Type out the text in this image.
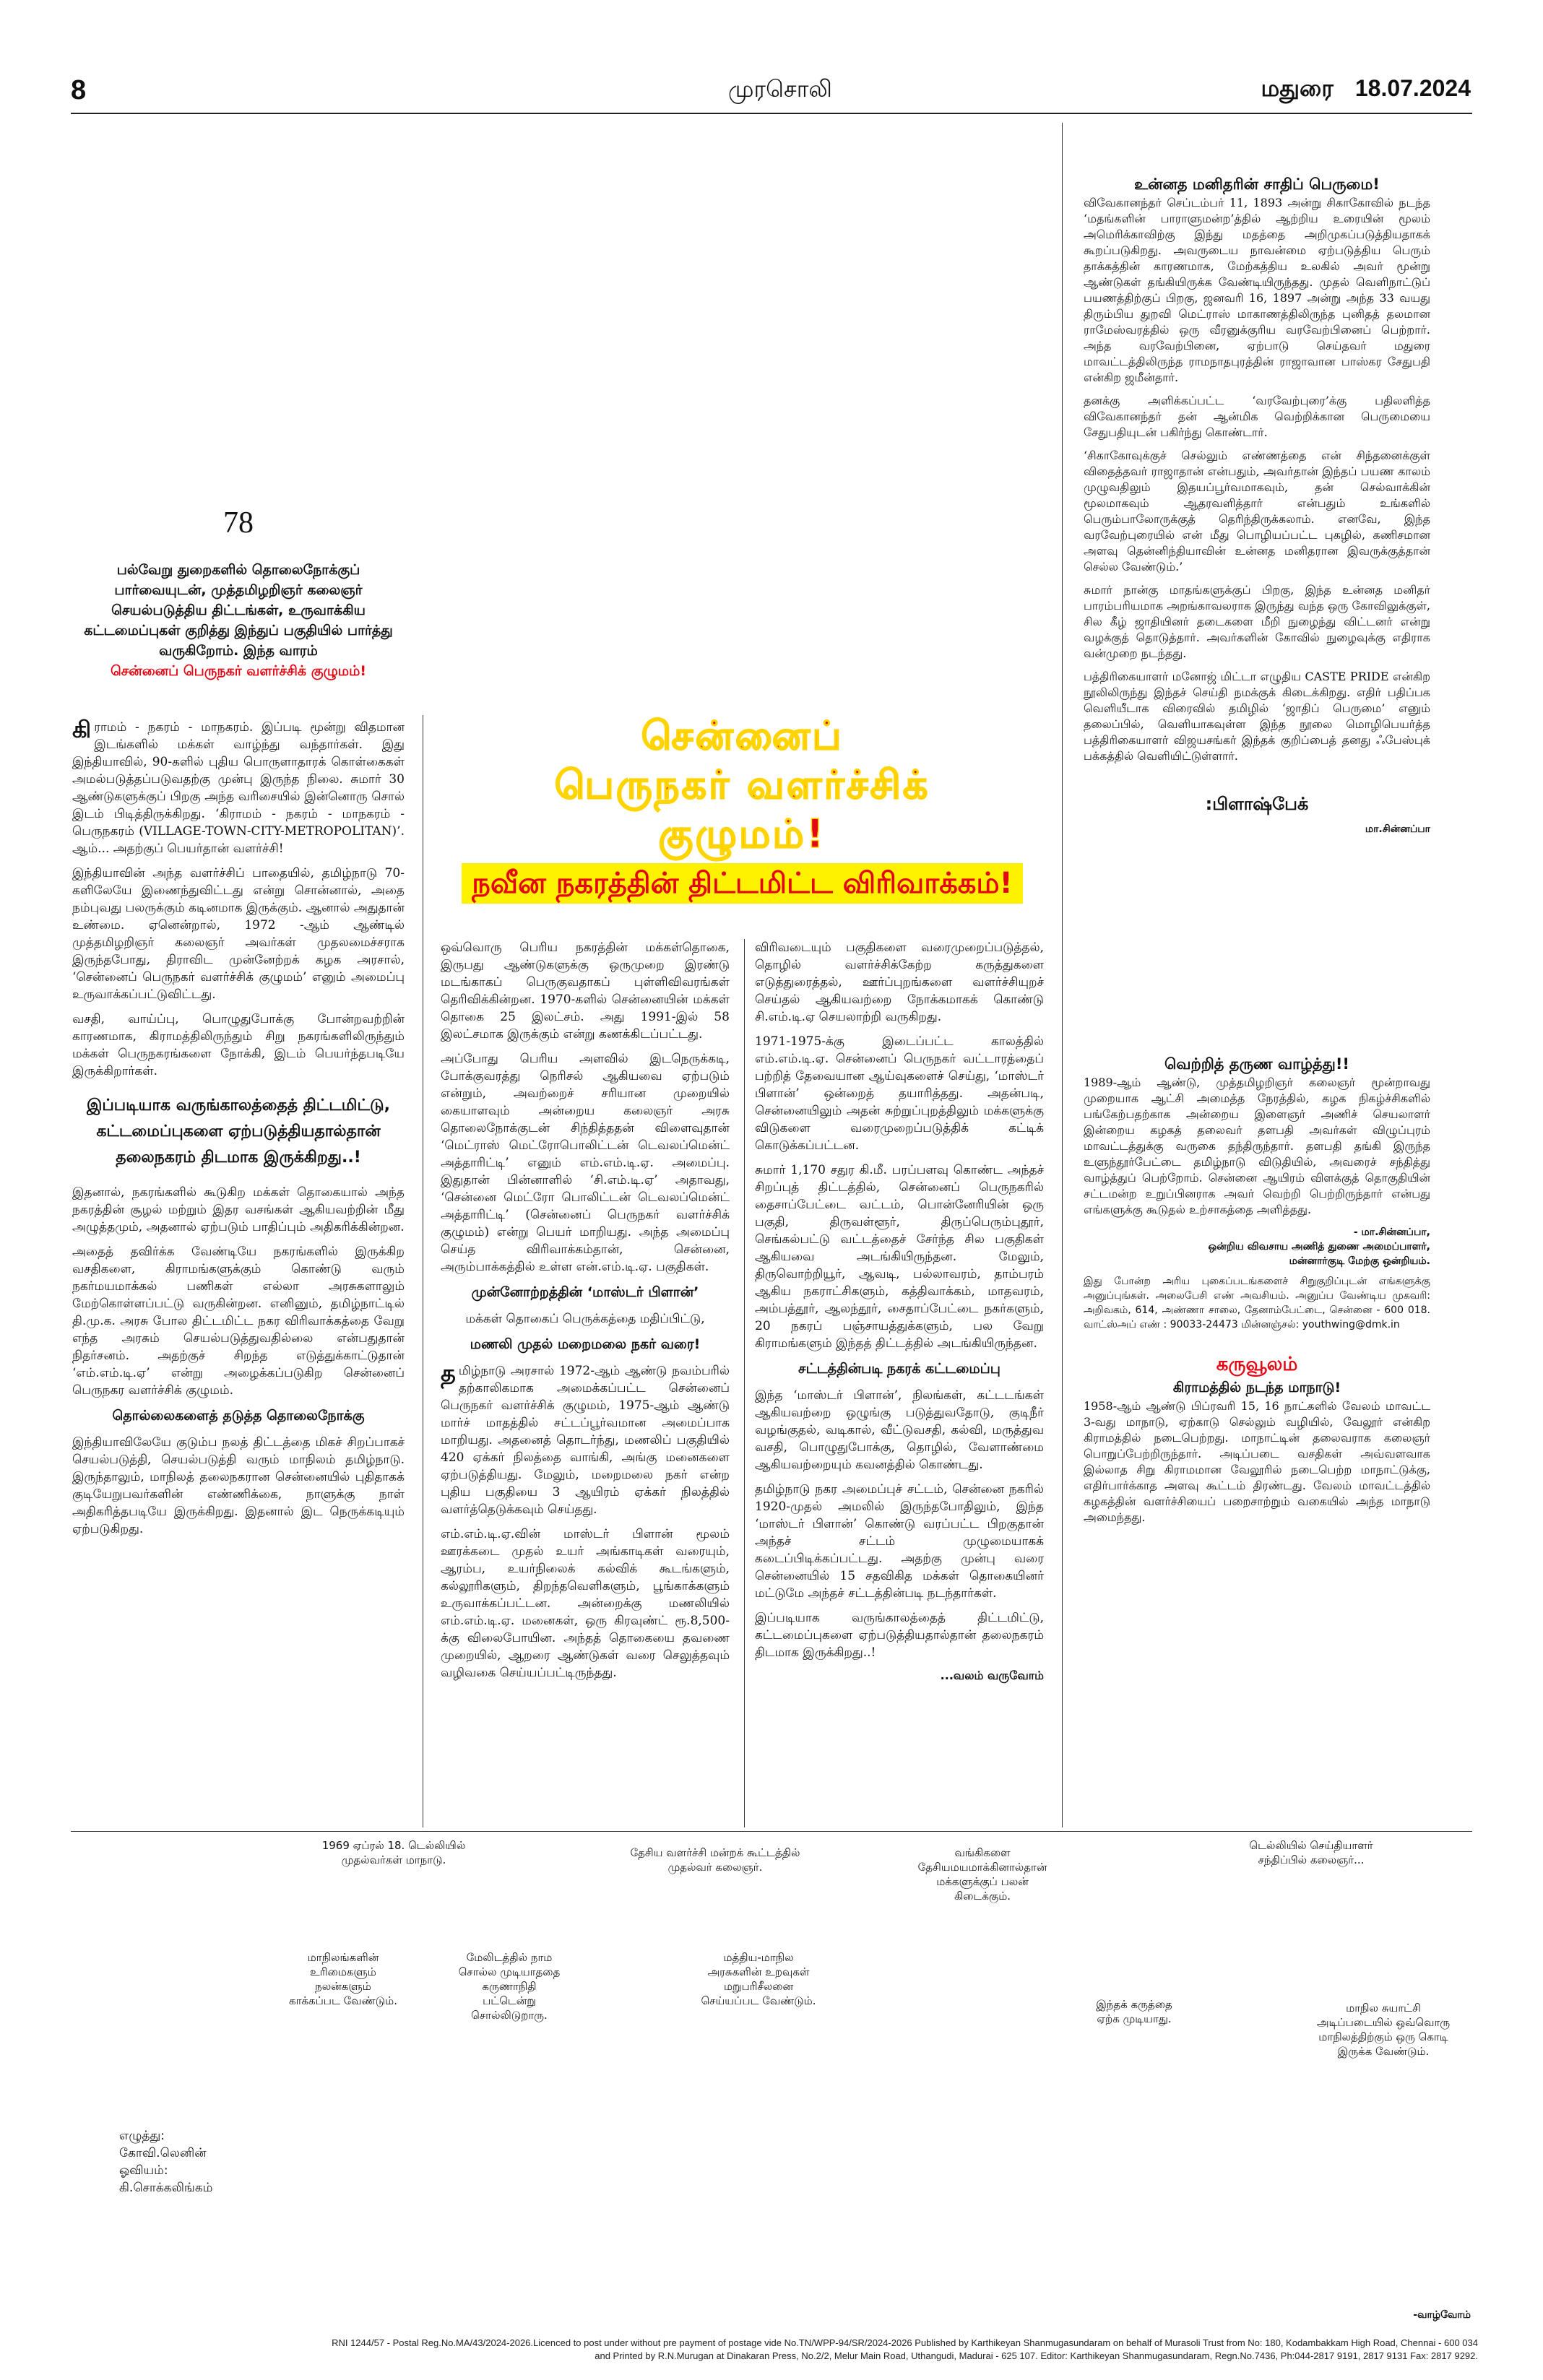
8	முரசொலி	மதுரை 18.07.2024
78
பல்வேறு துறைகளில் தொலைநோக்குப் பார்வையுடன், முத்தமிழறிஞர் கலைஞர் செயல்படுத்திய திட்டங்கள், உருவாக்கிய கட்டமைப்புகள் குறித்து இந்துப் பகுதியில் பார்த்து வருகிறோம். இந்த வாரம்
சென்னைப் பெருநகர் வளர்ச்சிக் குழுமம்!

கிராமம் - நகரம் - மாநகரம். இப்படி மூன்று விதமான இடங்களில் மக்கள் வாழ்ந்து வந்தார்கள். இது இந்தியாவில், 90-களில் புதிய பொருளாதாரக் கொள்கைகள் அமல்படுத்தப்படுவதற்கு முன்பு இருந்த நிலை. சுமார் 30 ஆண்டுகளுக்குப் பிறகு அந்த வரிசையில் இன்னொரு சொல் இடம் பிடித்திருக்கிறது. ‘கிராமம் - நகரம் - மாநகரம் - பெருநகரம் (VILLAGE-TOWN-CITY-METROPOLITAN)’. ஆம்... அதற்குப் பெயர்தான் வளர்ச்சி!

இந்தியாவின் அந்த வளர்ச்சிப் பாதையில், தமிழ்நாடு 70-களிலேயே இணைந்துவிட்டது என்று சொன்னால், அதை நம்புவது பலருக்கும் கடினமாக இருக்கும். ஆனால் அதுதான் உண்மை. ஏனென்றால், 1972 -ஆம் ஆண்டில் முத்தமிழறிஞர் கலைஞர் அவர்கள் முதலமைச்சராக இருந்தபோது, திராவிட முன்னேற்றக் கழக அரசால், ‘சென்னைப் பெருநகர் வளர்ச்சிக் குழுமம்’ எனும் அமைப்பு உருவாக்கப்பட்டுவிட்டது.

வசதி, வாய்ப்பு, பொழுதுபோக்கு போன்றவற்றின் காரணமாக, கிராமத்திலிருந்தும் சிறு நகரங்களிலிருந்தும் மக்கள் பெருநகரங்களை நோக்கி, இடம் பெயர்ந்தபடியே இருக்கிறார்கள்.

இப்படியாக வருங்காலத்தைத் திட்டமிட்டு, கட்டமைப்புகளை ஏற்படுத்தியதால்தான் தலைநகரம் திடமாக இருக்கிறது..!

இதனால், நகரங்களில் கூடுகிற மக்கள் தொகையால் அந்த நகரத்தின் சூழல் மற்றும் இதர வசங்கள் ஆகியவற்றின் மீது அழுத்தமும், அதனால் ஏற்படும் பாதிப்பும் அதிகரிக்கின்றன.

அதைத் தவிர்க்க வேண்டியே நகரங்களில் இருக்கிற வசதிகளை, கிராமங்களுக்கும் கொண்டு வரும் நகர்மயமாக்கல் பணிகள் எல்லா அரசுகளாலும் மேற்கொள்ளப்பட்டு வருகின்றன. எனினும், தமிழ்நாட்டில் தி.மு.க. அரசு போல திட்டமிட்ட நகர விரிவாக்கத்தை வேறு எந்த அரசும் செயல்படுத்துவதில்லை என்பதுதான் நிதர்சனம். அதற்குச் சிறந்த எடுத்துக்காட்டுதான் ‘எம்.எம்.டி.ஏ’ என்று அழைக்கப்படுகிற சென்னைப் பெருநகர வளர்ச்சிக் குழுமம்.

தொல்லைகளைத் தடுத்த தொலைநோக்கு

இந்தியாவிலேயே குடும்ப நலத் திட்டத்தை மிகச் சிறப்பாகச் செயல்படுத்தி, செயல்படுத்தி வரும் மாநிலம் தமிழ்நாடு. இருந்தாலும், மாநிலத் தலைநகரான சென்னையில் புதிதாகக் குடியேறுபவர்களின் எண்ணிக்கை, நாளுக்கு நாள் அதிகரித்தபடியே இருக்கிறது. இதனால் இட நெருக்கடியும் ஏற்படுகிறது.

சென்னைப்
பெருநகர் வளர்ச்சிக்
குழுமம்!
நவீன நகரத்தின் திட்டமிட்ட விரிவாக்கம்!

ஒவ்வொரு பெரிய நகரத்தின் மக்கள்தொகை, இருபது ஆண்டுகளுக்கு ஒருமுறை இரண்டு மடங்காகப் பெருகுவதாகப் புள்ளிவிவரங்கள் தெரிவிக்கின்றன. 1970-களில் சென்னையின் மக்கள் தொகை 25 இலட்சம். அது 1991-இல் 58 இலட்சமாக இருக்கும் என்று கணக்கிடப்பட்டது.

அப்போது பெரிய அளவில் இடநெருக்கடி, போக்குவரத்து நெரிசல் ஆகியவை ஏற்படும் என்றும், அவற்றைச் சரியான முறையில் கையாளவும் அன்றைய கலைஞர் அரசு தொலைநோக்குடன் சிந்தித்ததன் விளைவுதான் ‘மெட்ராஸ் மெட்ரோபொலிட்டன் டெவலப்மென்ட் அத்தாரிட்டி’ எனும் எம்.எம்.டி.ஏ. அமைப்பு. இதுதான் பின்னாளில் ‘சி.எம்.டி.ஏ’ அதாவது, ‘சென்னை மெட்ரோ பொலிட்டன் டெவலப்மென்ட் அத்தாரிட்டி’ (சென்னைப் பெருநகர் வளர்ச்சிக் குழுமம்) என்று பெயர் மாறியது. அந்த அமைப்பு செய்த விரிவாக்கம்தான், சென்னை, அரும்பாக்கத்தில் உள்ள என்.எம்.டி.ஏ. பகுதிகள்.

முன்னோற்றத்தின் ‘மாஸ்டர் பிளான்’

மக்கள் தொகைப் பெருக்கத்தை மதிப்பிட்டு,

மணலி முதல் மறைமலை நகர் வரை!

தமிழ்நாடு அரசால் 1972-ஆம் ஆண்டு நவம்பரில் தற்காலிகமாக அமைக்கப்பட்ட சென்னைப் பெருநகர் வளர்ச்சிக் குழுமம், 1975-ஆம் ஆண்டு மார்ச் மாதத்தில் சட்டப்பூர்வமான அமைப்பாக மாறியது. அதனைத் தொடர்ந்து, மணலிப் பகுதியில் 420 ஏக்கர் நிலத்தை வாங்கி, அங்கு மனைகளை ஏற்படுத்தியது. மேலும், மறைமலை நகர் என்ற புதிய பகுதியை 3 ஆயிரம் ஏக்கர் நிலத்தில் வளர்த்தெடுக்கவும் செய்தது.

எம்.எம்.டி.ஏ.வின் மாஸ்டர் பிளான் மூலம் ஊரக்கடை முதல் உயர் அங்காடிகள் வரையும், ஆரம்ப, உயர்நிலைக் கல்விக் கூடங்களும், கல்லூரிகளும், திறந்தவெளிகளும், பூங்காக்களும் உருவாக்கப்பட்டன. அன்றைக்கு மணலியில் எம்.எம்.டி.ஏ. மனைகள், ஒரு கிரவுண்ட் ரூ.8,500-க்கு விலைபோயின. அந்தத் தொகையை தவணை முறையில், ஆறரை ஆண்டுகள் வரை செலுத்தவும் வழிவகை செய்யப்பட்டிருந்தது.

விரிவடையும் பகுதிகளை வரைமுறைப்படுத்தல், தொழில் வளர்ச்சிக்கேற்ற கருத்துகளை எடுத்துரைத்தல், ஊர்ப்புறங்களை வளர்ச்சியுறச் செய்தல் ஆகியவற்றை நோக்கமாகக் கொண்டு சி.எம்.டி.ஏ செயலாற்றி வருகிறது.

1971-1975-க்கு இடைப்பட்ட காலத்தில் எம்.எம்.டி.ஏ. சென்னைப் பெருநகர் வட்டாரத்தைப் பற்றித் தேவையான ஆய்வுகளைச் செய்து, ‘மாஸ்டர் பிளான்’ ஒன்றைத் தயாரித்தது. அதன்படி, சென்னையிலும் அதன் சுற்றுப்புறத்திலும் மக்களுக்கு விடுகளை வரைமுறைப்படுத்திக் கட்டிக் கொடுக்கப்பட்டன.

சுமார் 1,170 சதுர கி.மீ. பரப்பளவு கொண்ட அந்தச் சிறப்புத் திட்டத்தில், சென்னைப் பெருநகரில் தைசாப்பேட்டை வட்டம், பொன்னேரியின் ஒரு பகுதி, திருவள்ளூர், திருப்பெரும்புதூர், செங்கல்பட்டு வட்டத்தைச் சேர்ந்த சில பகுதிகள் ஆகியவை அடங்கியிருந்தன. மேலும், திருவொற்றியூர், ஆவடி, பல்லாவரம், தாம்பரம் ஆகிய நகராட்சிகளும், கத்திவாக்கம், மாதவரம், அம்பத்தூர், ஆலந்தூர், சைதாப்பேட்டை நகர்களும், 20 நகரப் பஞ்சாயத்துக்களும், பல வேறு கிராமங்களும் இந்தத் திட்டத்தில் அடங்கியிருந்தன.

சட்டத்தின்படி நகரக் கட்டமைப்பு

இந்த ‘மாஸ்டர் பிளான்’, நிலங்கள், கட்டடங்கள் ஆகியவற்றை ஒழுங்கு படுத்துவதோடு, குடிநீர் வழங்குதல், வடிகால், வீட்டுவசதி, கல்வி, மருத்துவ வசதி, பொழுதுபோக்கு, தொழில், வேளாண்மை ஆகியவற்றையும் கவனத்தில் கொண்டது.

தமிழ்நாடு நகர அமைப்புச் சட்டம், சென்னை நகரில் 1920-முதல் அமலில் இருந்தபோதிலும், இந்த ‘மாஸ்டர் பிளான்’ கொண்டு வரப்பட்ட பிறகுதான் அந்தச் சட்டம் முழுமையாகக் கடைப்பிடிக்கப்பட்டது. அதற்கு முன்பு வரை சென்னையில் 15 சதவிகித மக்கள் தொகையினர் மட்டுமே அந்தச் சட்டத்தின்படி நடந்தார்கள்.

இப்படியாக வருங்காலத்தைத் திட்டமிட்டு, கட்டமைப்புகளை ஏற்படுத்தியதால்தான் தலைநகரம் திடமாக இருக்கிறது..!

...வலம் வருவோம்
உன்னத மனிதரின் சாதிப் பெருமை!

விவேகானந்தர் செப்டம்பர் 11, 1893 அன்று சிகாகோவில் நடந்த ‘மதங்களின் பாராளுமன்ற’த்தில் ஆற்றிய உரையின் மூலம் அமெரிக்காவிற்கு இந்து மதத்தை அறிமுகப்படுத்தியதாகக் கூறப்படுகிறது. அவருடைய நாவன்மை ஏற்படுத்திய பெரும் தாக்கத்தின் காரணமாக, மேற்கத்திய உலகில் அவர் மூன்று ஆண்டுகள் தங்கியிருக்க வேண்டியிருந்தது. முதல் வெளிநாட்டுப் பயணத்திற்குப் பிறகு, ஜனவரி 16, 1897 அன்று அந்த 33 வயது திரும்பிய துறவி மெட்ராஸ் மாகாணத்திலிருந்த புனிதத் தலமான ராமேஸ்வரத்தில் ஒரு வீரனுக்குரிய வரவேற்பினைப் பெற்றார். அந்த வரவேற்பினை, ஏற்பாடு செய்தவர் மதுரை மாவட்டத்திலிருந்த ராமநாதபுரத்தின் ராஜாவான பாஸ்கர சேதுபதி என்கிற ஜமீன்தார்.

தனக்கு அளிக்கப்பட்ட ‘வரவேற்புரை’க்கு பதிலளித்த விவேகானந்தர் தன் ஆன்மிக வெற்றிக்கான பெருமையை சேதுபதியுடன் பகிர்ந்து கொண்டார்.

‘சிகாகோவுக்குச் செல்லும் எண்ணத்தை என் சிந்தனைக்குள் விதைத்தவர் ராஜாதான் என்பதும், அவர்தான் இந்தப் பயண காலம் முழுவதிலும் இதயப்பூர்வமாகவும், தன் செல்வாக்கின் மூலமாகவும் ஆதரவளித்தார் என்பதும் உங்களில் பெரும்பாலோருக்குத் தெரிந்திருக்கலாம். எனவே, இந்த வரவேற்புரையில் என் மீது பொழியப்பட்ட புகழில், கணிசமான அளவு தென்னிந்தியாவின் உன்னத மனிதரான இவருக்குத்தான் செல்ல வேண்டும்.’

சுமார் நான்கு மாதங்களுக்குப் பிறகு, இந்த உன்னத மனிதர் பாரம்பரியமாக அறங்காவலராக இருந்து வந்த ஒரு கோவிலுக்குள், சில கீழ் ஜாதியினர் தடைகளை மீறி நுழைந்து விட்டனர் என்று வழக்குத் தொடுத்தார். அவர்களின் கோவில் நுழைவுக்கு எதிராக வன்முறை நடந்தது.

பத்திரிகையாளர் மனோஜ் மிட்டா எழுதிய CASTE PRIDE என்கிற நூலிலிருந்து இந்தச் செய்தி நமக்குக் கிடைக்கிறது. எதிர் பதிப்பக வெளியீடாக விரைவில் தமிழில் ‘ஜாதிப் பெருமை’ எனும் தலைப்பில், வெளியாகவுள்ள இந்த நூலை மொழிபெயர்த்த பத்திரிகையாளர் விஜயசங்கர் இந்தக் குறிப்பைத் தனது ஃபேஸ்புக் பக்கத்தில் வெளியிட்டுள்ளார்.

:பிளாஷ்பேக்
மா.சின்னப்பா
வெற்றித் தருண வாழ்த்து!!

1989-ஆம் ஆண்டு, முத்தமிழறிஞர் கலைஞர் மூன்றாவது முறையாக ஆட்சி அமைத்த நேரத்தில், கழக நிகழ்ச்சிகளில் பங்கேற்பதற்காக அன்றைய இளைஞர் அணிச் செயலாளர் இன்றைய கழகத் தலைவர் தளபதி அவர்கள் விழுப்புரம் மாவட்டத்துக்கு வருகை தந்திருந்தார். தளபதி தங்கி இருந்த உளுந்தூர்பேட்டை தமிழ்நாடு விடுதியில், அவரைச் சந்தித்து வாழ்த்துப் பெற்றோம். சென்னை ஆயிரம் விளக்குத் தொகுதியின் சட்டமன்ற உறுப்பினராக அவர் வெற்றி பெற்றிருந்தார் என்பது எங்களுக்கு கூடுதல் உற்சாகத்தை அளித்தது.

- மா.சின்னப்பா,
ஒன்றிய விவசாய அணித் துணை அமைப்பாளர்,
மன்னார்குடி மேற்கு ஒன்றியம்.

இது போன்ற அரிய புகைப்படங்களைச் சிறுகுறிப்புடன் எங்களுக்கு அனுப்புங்கள். அலைபேசி எண் அவசியம். அனுப்ப வேண்டிய முகவரி: அறிவகம், 614, அண்ணா சாலை, தேனாம்பேட்டை, சென்னை - 600 018. வாட்ஸ்அப் எண் : 90033-24473 மின்னஞ்சல்: youthwing@dmk.in

கருவூலம்
கிராமத்தில் நடந்த மாநாடு!

1958-ஆம் ஆண்டு பிப்ரவரி 15, 16 நாட்களில் வேலம் மாவட்ட 3-வது மாநாடு, ஏற்காடு செல்லும் வழியில், வேலூர் என்கிற கிராமத்தில் நடைபெற்றது. மாநாட்டின் தலைவராக கலைஞர் பொறுப்பேற்றிருந்தார். அடிப்படை வசதிகள் அவ்வளவாக இல்லாத சிறு கிராமமான வேலூரில் நடைபெற்ற மாநாட்டுக்கு, எதிர்பார்க்காத அளவு கூட்டம் திரண்டது. வேலம் மாவட்டத்தில் கழகத்தின் வளர்ச்சியைப் பறைசாற்றும் வகையில் அந்த மாநாடு அமைந்தது.

1969 ஏப்ரல் 18. டெல்லியில் முதல்வர்கள் மாநாடு.
தேசிய வளர்ச்சி மன்றக் கூட்டத்தில் முதல்வர் கலைஞர்.
வங்கிகளை தேசியமயமாக்கினால்தான் மக்களுக்குப் பலன் கிடைக்கும்.
டெல்லியில் செய்தியாளர் சந்திப்பில் கலைஞர்...
மாநிலங்களின் உரிமைகளும் நலன்களும் காக்கப்பட வேண்டும்.
மேலிடத்தில் நாம சொல்ல முடியாததை கருணாநிதி பட்டென்று சொல்லிடுறாரு.
மத்திய-மாநில அரசுகளின் உறவுகள் மறுபரிசீலனை செய்யப்பட வேண்டும்.	இந்தக் கருத்தை ஏற்க முடியாது.
மாநில சுயாட்சி அடிப்படையில் ஒவ்வொரு மாநிலத்திற்கும் ஒரு கொடி இருக்க வேண்டும்.
எழுத்து:
கோவி.லெனின்
ஓவியம்:
கி.சொக்கலிங்கம்
-வாழ்வோம்
RNI 1244/57 - Postal Reg.No.MA/43/2024-2026.Licenced to post under without pre payment of postage vide No.TN/WPP-94/SR/2024-2026 Published by Karthikeyan Shanmugasundaram on behalf of Murasoli Trust from No: 180, Kodambakkam High Road, Chennai - 600 034
and Printed by R.N.Murugan at Dinakaran Press, No.2/2, Melur Main Road, Uthangudi, Madurai - 625 107. Editor: Karthikeyan Shanmugasundaram, Regn.No.7436, Ph:044-2817 9191, 2817 9131 Fax: 2817 9292.
